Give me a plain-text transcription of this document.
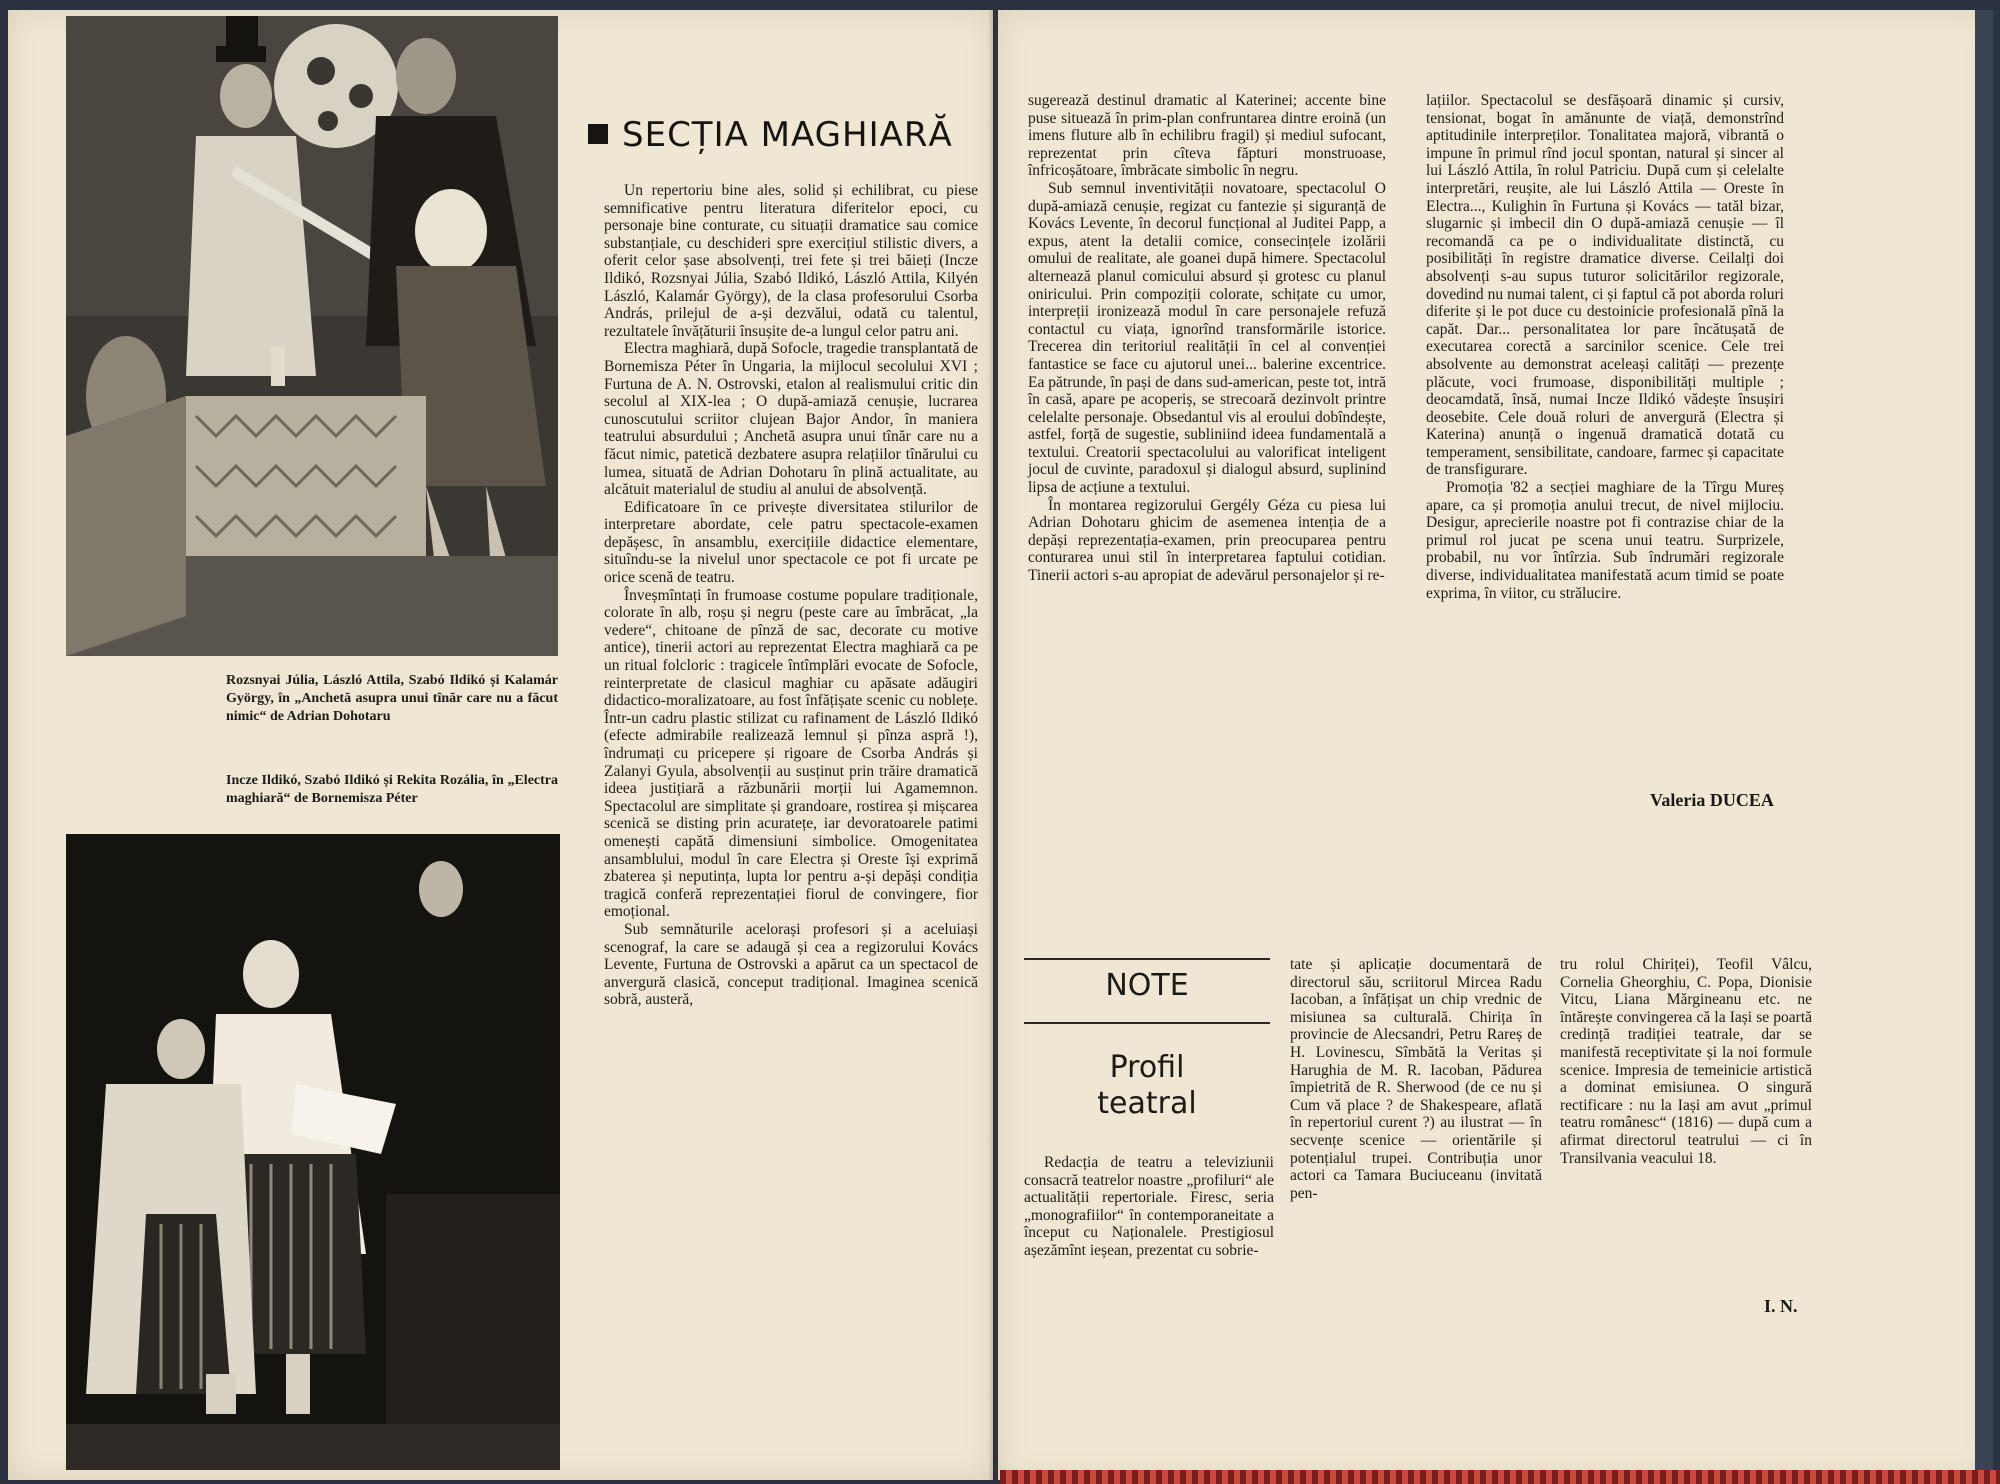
Rozsnyai Júlia, László Attila, Szabó Ildikó și Kalamár György, în „Anchetă asupra unui tînăr care nu a făcut nimic“ de Adrian Dohotaru
Incze Ildikó, Szabó Ildikó și Rekita Rozália, în „Electra maghiară“ de Bornemisza Péter
SECȚIA MAGHIARĂ

Un repertoriu bine ales, solid și echilibrat, cu piese semnificative pentru literatura diferitelor epoci, cu personaje bine conturate, cu situații dramatice sau comice substanțiale, cu deschideri spre exercițiul stilistic divers, a oferit celor șase absolvenți, trei fete și trei băieți (Incze Ildikó, Rozsnyai Júlia, Szabó Ildikó, László Attila, Kilyén László, Kalamár György), de la clasa profesorului Csorba András, prilejul de a-și dezvălui, odată cu talentul, rezultatele învățăturii însușite de-a lungul celor patru ani.

Electra maghiară, după Sofocle, tragedie transplantată de Bornemisza Péter în Ungaria, la mijlocul secolului XVI ; Furtuna de A. N. Ostrovski, etalon al realismului critic din secolul al XIX-lea ; O după-amiază cenușie, lucrarea cunoscutului scriitor clujean Bajor Andor, în maniera teatrului absurdului ; Anchetă asupra unui tînăr care nu a făcut nimic, patetică dezbatere asupra relațiilor tînărului cu lumea, situată de Adrian Dohotaru în plină actualitate, au alcătuit materialul de studiu al anului de absolvență.

Edificatoare în ce privește diversitatea stilurilor de interpretare abordate, cele patru spectacole-examen depășesc, în ansamblu, exercițiile didactice elementare, situîndu-se la nivelul unor spectacole ce pot fi urcate pe orice scenă de teatru.

Înveșmîntați în frumoase costume populare tradiționale, colorate în alb, roșu și negru (peste care au îmbrăcat, „la vedere“, chitoane de pînză de sac, decorate cu motive antice), tinerii actori au reprezentat Electra maghiară ca pe un ritual folcloric : tragicele întîmplări evocate de Sofocle, reinterpretate de clasicul maghiar cu apăsate adăugiri didactico-moralizatoare, au fost înfățișate scenic cu noblețe. Într-un cadru plastic stilizat cu rafinament de László Ildikó (efecte admirabile realizează lemnul și pînza aspră !), îndrumați cu pricepere și rigoare de Csorba András și Zalanyi Gyula, absolvenții au susținut prin trăire dramatică ideea justițiară a răzbunării morții lui Agamemnon. Spectacolul are simplitate și grandoare, rostirea și mișcarea scenică se disting prin acuratețe, iar devoratoarele patimi omenești capătă dimensiuni simbolice. Omogenitatea ansamblului, modul în care Electra și Oreste își exprimă zbaterea și neputința, lupta lor pentru a-și depăși condiția tragică conferă reprezentației fiorul de convingere, fior emoțional.

Sub semnăturile acelorași profesori și a aceluiași scenograf, la care se adaugă și cea a regizorului Kovács Levente, Furtuna de Ostrovski a apărut ca un spectacol de anvergură clasică, conceput tradițional. Imaginea scenică sobră, austeră,

sugerează destinul dramatic al Katerinei; accente bine puse situează în prim-plan confruntarea dintre eroină (un imens fluture alb în echilibru fragil) și mediul sufocant, reprezentat prin cîteva făpturi monstruoase, înfricoșătoare, îmbrăcate simbolic în negru.

Sub semnul inventivității novatoare, spectacolul O după-amiază cenușie, regizat cu fantezie și siguranță de Kovács Levente, în decorul funcțional al Juditei Papp, a expus, atent la detalii comice, consecințele izolării omului de realitate, ale goanei după himere. Spectacolul alternează planul comicului absurd și grotesc cu planul oniricului. Prin compoziții colorate, schițate cu umor, interpreții ironizează modul în care personajele refuză contactul cu viața, ignorînd transformările istorice. Trecerea din teritoriul realității în cel al convenției fantastice se face cu ajutorul unei... balerine excentrice. Ea pătrunde, în pași de dans sud-american, peste tot, intră în casă, apare pe acoperiș, se strecoară dezinvolt printre celelalte personaje. Obsedantul vis al eroului dobîndește, astfel, forță de sugestie, subliniind ideea fundamentală a textului. Creatorii spectacolului au valorificat inteligent jocul de cuvinte, paradoxul și dialogul absurd, suplinind lipsa de acțiune a textului.

În montarea regizorului Gergély Géza cu piesa lui Adrian Dohotaru ghicim de asemenea intenția de a depăși reprezentația-examen, prin preocuparea pentru conturarea unui stil în interpretarea faptului cotidian. Tinerii actori s-au apropiat de adevărul personajelor și re-

lațiilor. Spectacolul se desfășoară dinamic și cursiv, tensionat, bogat în amănunte de viață, demonstrînd aptitudinile interpreților. Tonalitatea majoră, vibrantă o impune în primul rînd jocul spontan, natural și sincer al lui László Attila, în rolul Patriciu. După cum și celelalte interpretări, reușite, ale lui László Attila — Oreste în Electra..., Kulighin în Furtuna și Kovács — tatăl bizar, slugarnic și imbecil din O după-amiază cenușie — îl recomandă ca pe o individualitate distinctă, cu posibilități în registre dramatice diverse. Ceilalți doi absolvenți s-au supus tuturor solicitărilor regizorale, dovedind nu numai talent, ci și faptul că pot aborda roluri diferite și le pot duce cu destoinicie profesională pînă la capăt. Dar... personalitatea lor pare încătușată de executarea corectă a sarcinilor scenice. Cele trei absolvente au demonstrat aceleași calități — prezențe plăcute, voci frumoase, disponibilități multiple ; deocamdată, însă, numai Incze Ildikó vădește însușiri deosebite. Cele două roluri de anvergură (Electra și Katerina) anunță o ingenuă dramatică dotată cu temperament, sensibilitate, candoare, farmec și capacitate de transfigurare.

Promoția '82 a secției maghiare de la Tîrgu Mureș apare, ca și promoția anului trecut, de nivel mijlociu. Desigur, aprecierile noastre pot fi contrazise chiar de la primul rol jucat pe scena unui teatru. Surprizele, probabil, nu vor întîrzia. Sub îndrumări regizorale diverse, individualitatea manifestată acum timid se poate exprima, în viitor, cu strălucire.

Valeria DUCEA
NOTE
Profil
teatral

Redacția de teatru a televiziunii consacră teatrelor noastre „profiluri“ ale actualității repertoriale. Firesc, seria „monografiilor“ în contemporaneitate a început cu Naționalele. Prestigiosul așezămînt ieșean, prezentat cu sobrie-

tate și aplicație documentară de directorul său, scriitorul Mircea Radu Iacoban, a înfățișat un chip vrednic de misiunea sa culturală. Chirița în provincie de Alecsandri, Petru Rareș de H. Lovinescu, Sîmbătă la Veritas și Harughia de M. R. Iacoban, Pădurea împietrită de R. Sherwood (de ce nu și Cum vă place ? de Shakespeare, aflată în repertoriul curent ?) au ilustrat — în secvențe scenice — orientările și potențialul trupei. Contribuția unor actori ca Tamara Buciuceanu (invitată pen-

tru rolul Chiriței), Teofil Vâlcu, Cornelia Gheorghiu, C. Popa, Dionisie Vitcu, Liana Mărgineanu etc. ne întărește convingerea că la Iași se poartă credință tradiției teatrale, dar se manifestă receptivitate și la noi formule scenice. Impresia de temeinicie artistică a dominat emisiunea. O singură rectificare : nu la Iași am avut „primul teatru românesc“ (1816) — după cum a afirmat directorul teatrului — ci în Transilvania veacului 18.

I. N.
